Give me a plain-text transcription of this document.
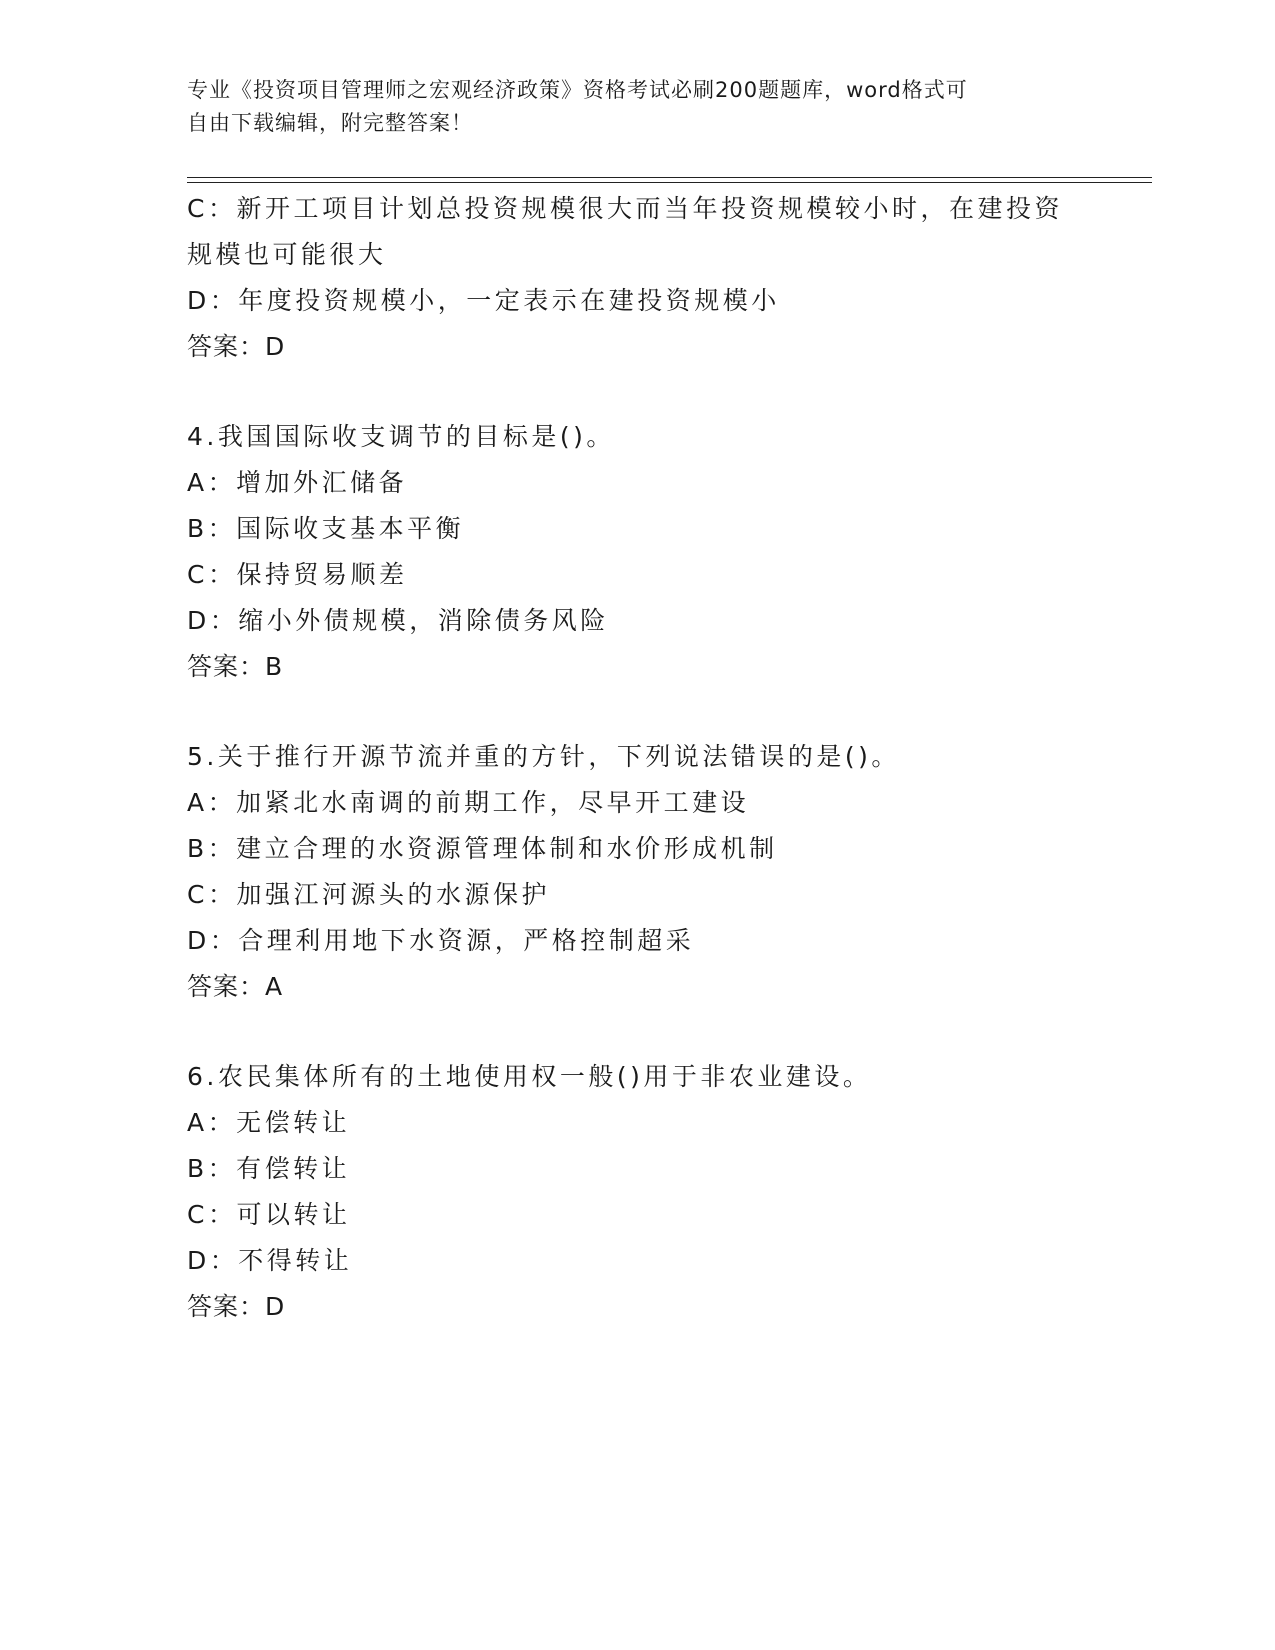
专业《投资项目管理师之宏观经济政策》资格考试必刷200题题库，word格式可
自由下载编辑，附完整答案！
C：新开工项目计划总投资规模很大而当年投资规模较小时，在建投资
规模也可能很大
D：年度投资规模小，一定表示在建投资规模小
答案：D
4.我国国际收支调节的目标是()。
A：增加外汇储备
B：国际收支基本平衡
C：保持贸易顺差
D：缩小外债规模，消除债务风险
答案：B
5.关于推行开源节流并重的方针，下列说法错误的是()。
A：加紧北水南调的前期工作，尽早开工建设
B：建立合理的水资源管理体制和水价形成机制
C：加强江河源头的水源保护
D：合理利用地下水资源，严格控制超采
答案：A
6.农民集体所有的土地使用权一般()用于非农业建设。
A：无偿转让
B：有偿转让
C：可以转让
D：不得转让
答案：D
